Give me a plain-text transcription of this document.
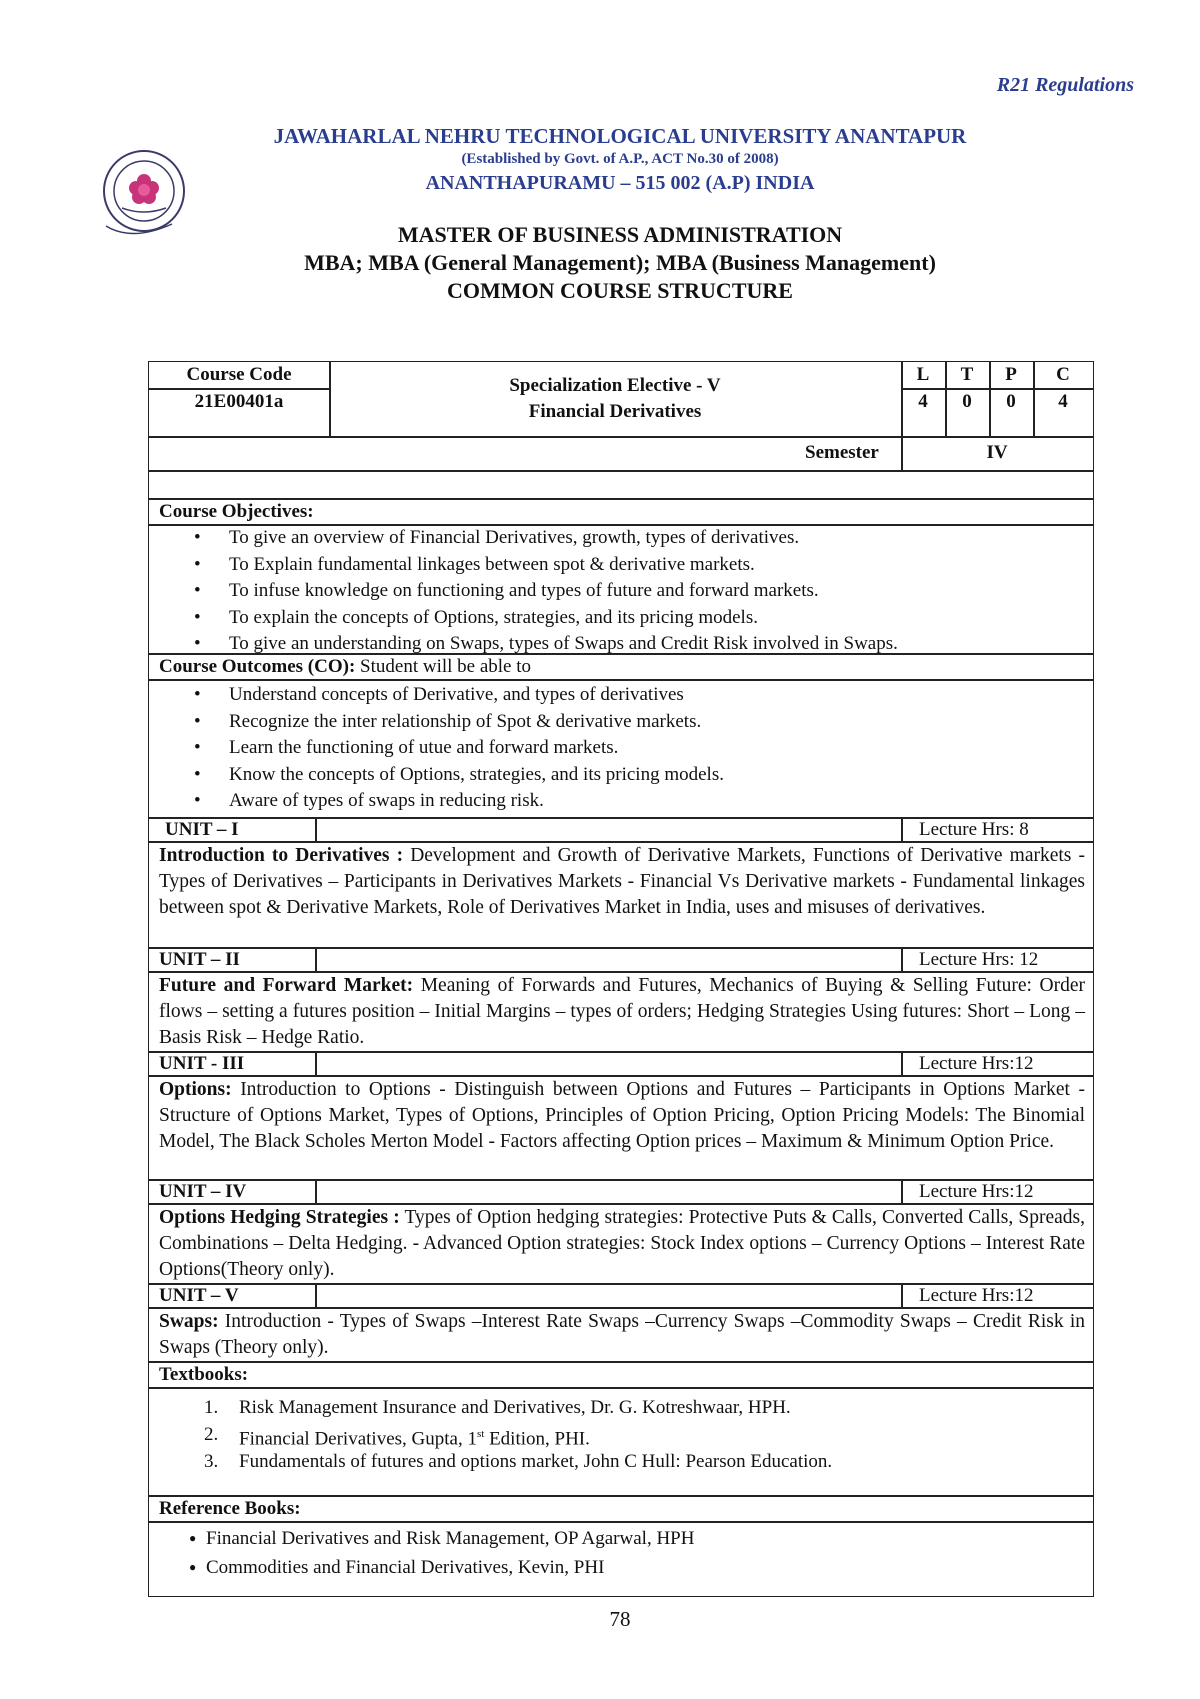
R21 Regulations
JAWAHARLAL NEHRU TECHNOLOGICAL UNIVERSITY ANANTAPUR
(Established by Govt. of A.P., ACT No.30 of 2008)
ANANTHAPURAMU – 515 002 (A.P) INDIA
MASTER OF BUSINESS ADMINISTRATION
MBA; MBA (General Management); MBA (Business Management)
COMMON COURSE STRUCTURE
Course Code
21E00401a
Specialization Elective - V
Financial Derivatives
L	T	P	C
4	0	0	4
Semester	IV
Course Objectives:
• To give an overview of Financial Derivatives, growth, types of derivatives.
• To Explain fundamental linkages between spot & derivative markets.
• To infuse knowledge on functioning and types of future and forward markets.
• To explain the concepts of Options, strategies, and its pricing models.
• To give an understanding on Swaps, types of Swaps and Credit Risk involved in Swaps.
Course Outcomes (CO): Student will be able to
• Understand concepts of Derivative, and types of derivatives
• Recognize the inter relationship of Spot & derivative markets.
• Learn the functioning of utue and forward markets.
• Know the concepts of Options, strategies, and its pricing models.
• Aware of types of swaps in reducing risk.
UNIT – I	Lecture Hrs: 8
Introduction to Derivatives : Development and Growth of Derivative Markets, Functions of Derivative markets - Types of Derivatives – Participants in Derivatives Markets - Financial Vs Derivative markets - Fundamental linkages between spot & Derivative Markets, Role of Derivatives Market in India, uses and misuses of derivatives.
UNIT – II	Lecture Hrs: 12
Future and Forward Market: Meaning of Forwards and Futures, Mechanics of Buying & Selling Future: Order flows – setting a futures position – Initial Margins – types of orders; Hedging Strategies Using futures: Short – Long – Basis Risk – Hedge Ratio.
UNIT - III	Lecture Hrs:12
Options: Introduction to Options - Distinguish between Options and Futures – Participants in Options Market - Structure of Options Market, Types of Options, Principles of Option Pricing, Option Pricing Models: The Binomial Model, The Black Scholes Merton Model - Factors affecting Option prices – Maximum & Minimum Option Price.
UNIT – IV	Lecture Hrs:12
Options Hedging Strategies : Types of Option hedging strategies: Protective Puts & Calls, Converted Calls, Spreads, Combinations – Delta Hedging. - Advanced Option strategies: Stock Index options – Currency Options – Interest Rate Options(Theory only).
UNIT – V	Lecture Hrs:12
Swaps: Introduction - Types of Swaps –Interest Rate Swaps –Currency Swaps –Commodity Swaps – Credit Risk in Swaps (Theory only).
Textbooks:
1. Risk Management Insurance and Derivatives, Dr. G. Kotreshwaar, HPH.
2. Financial Derivatives, Gupta, 1st Edition, PHI.
3. Fundamentals of futures and options market, John C Hull: Pearson Education.
Reference Books:
● Financial Derivatives and Risk Management, OP Agarwal, HPH
● Commodities and Financial Derivatives, Kevin, PHI
78
